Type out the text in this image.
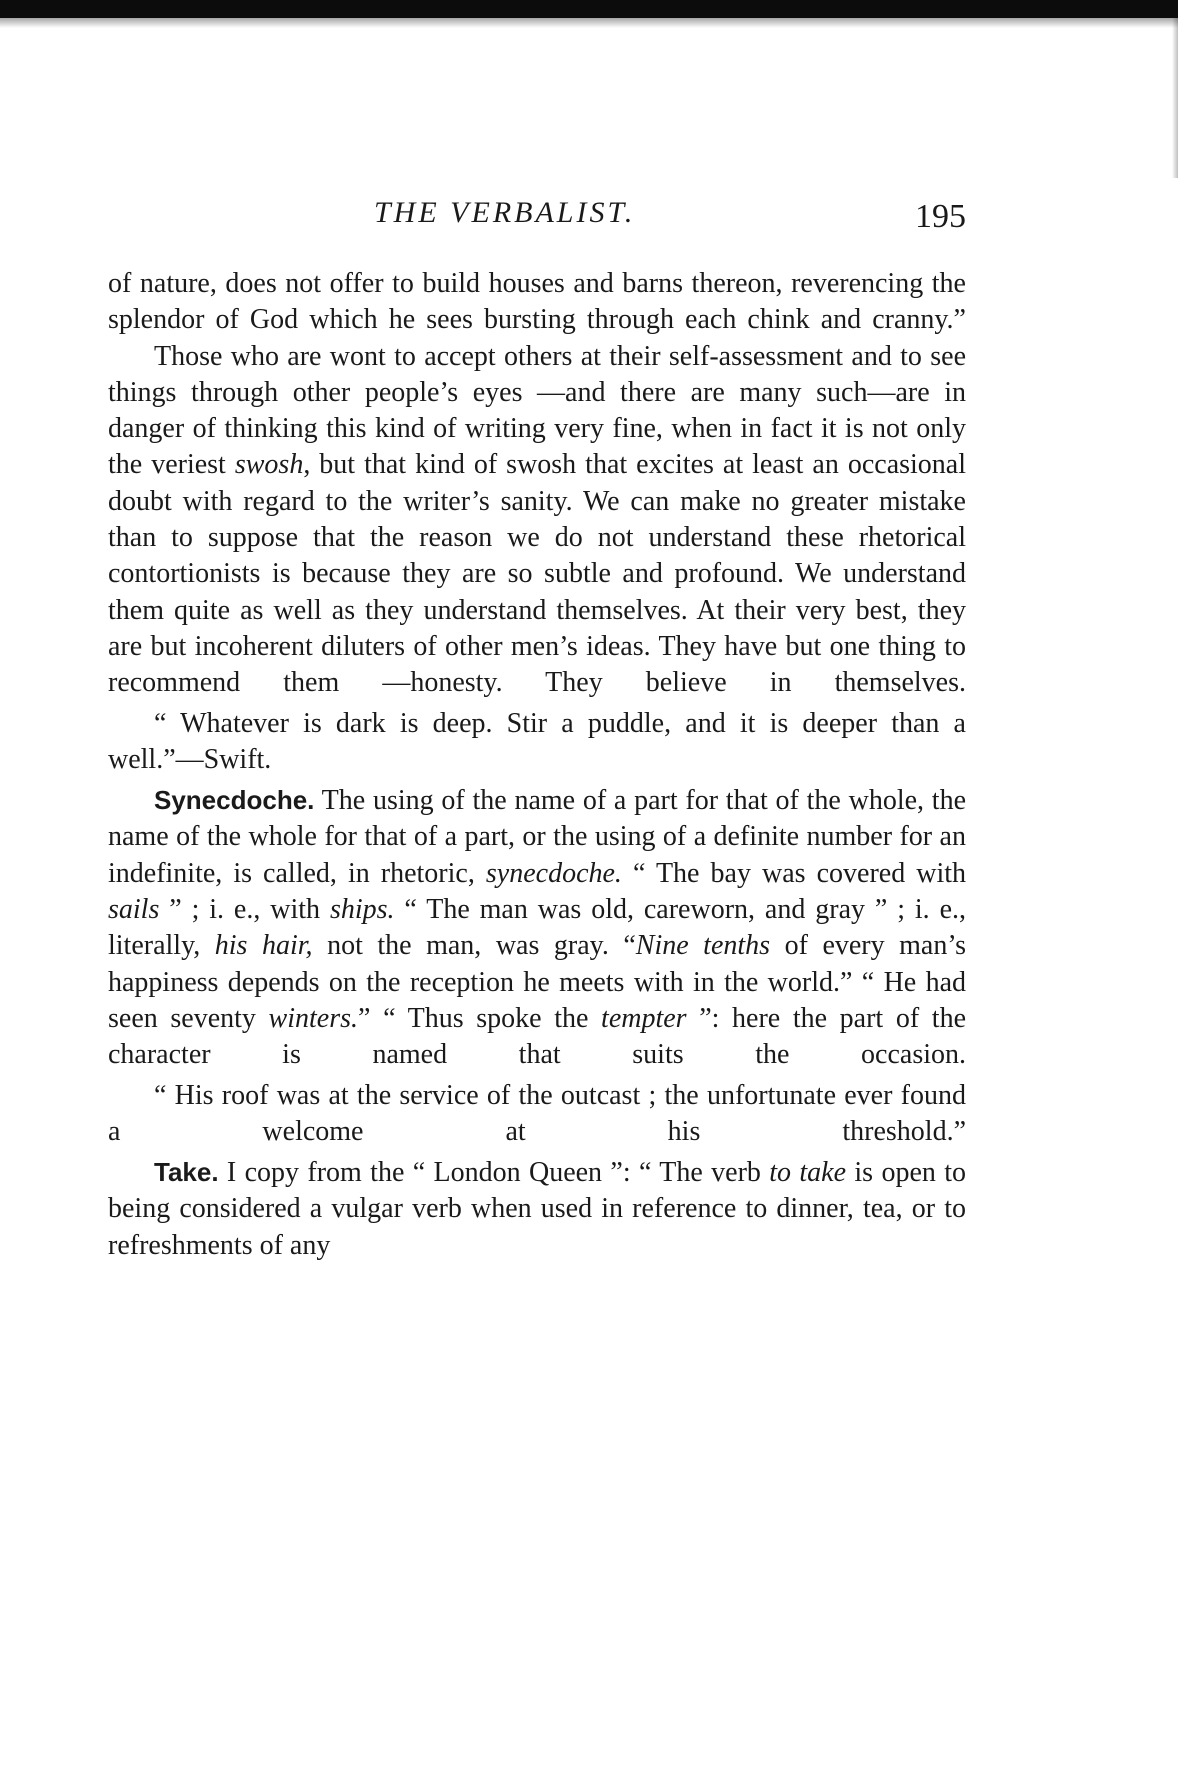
THE VERBALIST.	195

of nature, does not offer to build houses and barns thereon, reverencing the splendor of God which he sees bursting through each chink and cranny.”

Those who are wont to accept others at their self-assessment and to see things through other people’s eyes —and there are many such—are in danger of thinking this kind of writing very fine, when in fact it is not only the veriest swosh, but that kind of swosh that excites at least an occasional doubt with regard to the writer’s sanity. We can make no greater mistake than to suppose that the reason we do not understand these rhetorical contortionists is because they are so subtle and profound. We understand them quite as well as they understand themselves. At their very best, they are but incoherent diluters of other men’s ideas. They have but one thing to recommend them —honesty. They believe in themselves.

“ Whatever is dark is deep. Stir a puddle, and it is deeper than a well.”—Swift.

Synecdoche. The using of the name of a part for that of the whole, the name of the whole for that of a part, or the using of a definite number for an indefinite, is called, in rhetoric, synecdoche. “ The bay was covered with sails ” ; i. e., with ships. “ The man was old, careworn, and gray ” ; i. e., literally, his hair, not the man, was gray. “Nine tenths of every man’s happiness depends on the reception he meets with in the world.” “ He had seen seventy winters.” “ Thus spoke the tempter ”: here the part of the character is named that suits the occasion.

“ His roof was at the service of the outcast ; the unfortunate ever found a welcome at his threshold.”

Take. I copy from the “ London Queen ”: “ The verb to take is open to being considered a vulgar verb when used in reference to dinner, tea, or to refreshments of any
